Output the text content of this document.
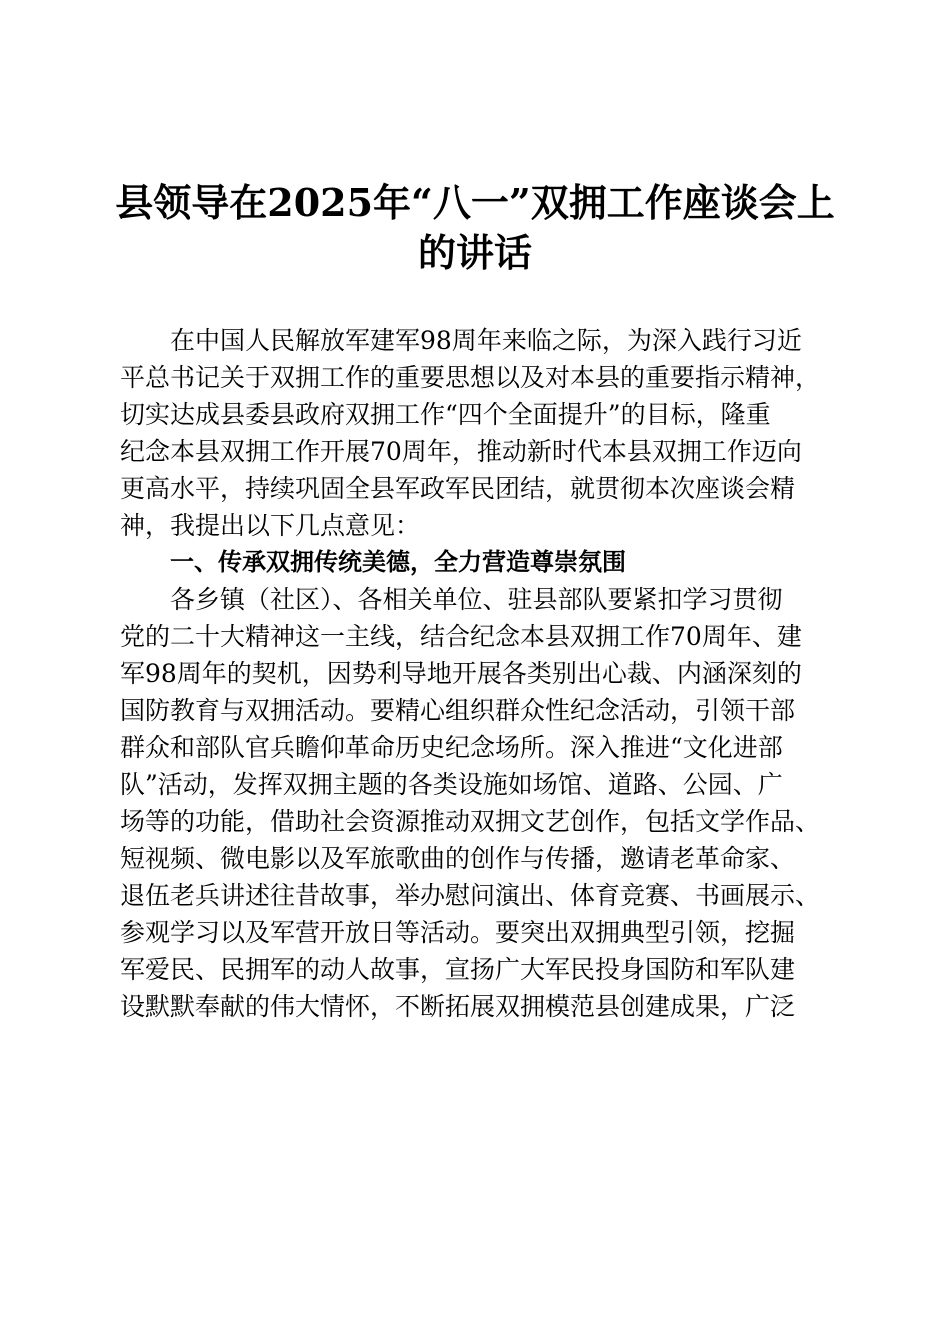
县领导在2025年“八一”双拥工作座谈会上
的讲话
在中国人民解放军建军98周年来临之际，为深入践行习近
平总书记关于双拥工作的重要思想以及对本县的重要指示精神，
切实达成县委县政府双拥工作“四个全面提升”的目标，隆重
纪念本县双拥工作开展70周年，推动新时代本县双拥工作迈向
更高水平，持续巩固全县军政军民团结，就贯彻本次座谈会精
神，我提出以下几点意见：
一、传承双拥传统美德，全力营造尊崇氛围
各乡镇（社区）、各相关单位、驻县部队要紧扣学习贯彻
党的二十大精神这一主线，结合纪念本县双拥工作70周年、建
军98周年的契机，因势利导地开展各类别出心裁、内涵深刻的
国防教育与双拥活动。要精心组织群众性纪念活动，引领干部
群众和部队官兵瞻仰革命历史纪念场所。深入推进“文化进部
队”活动，发挥双拥主题的各类设施如场馆、道路、公园、广
场等的功能，借助社会资源推动双拥文艺创作，包括文学作品、
短视频、微电影以及军旅歌曲的创作与传播，邀请老革命家、
退伍老兵讲述往昔故事，举办慰问演出、体育竞赛、书画展示、
参观学习以及军营开放日等活动。要突出双拥典型引领，挖掘
军爱民、民拥军的动人故事，宣扬广大军民投身国防和军队建
设默默奉献的伟大情怀，不断拓展双拥模范县创建成果，广泛
